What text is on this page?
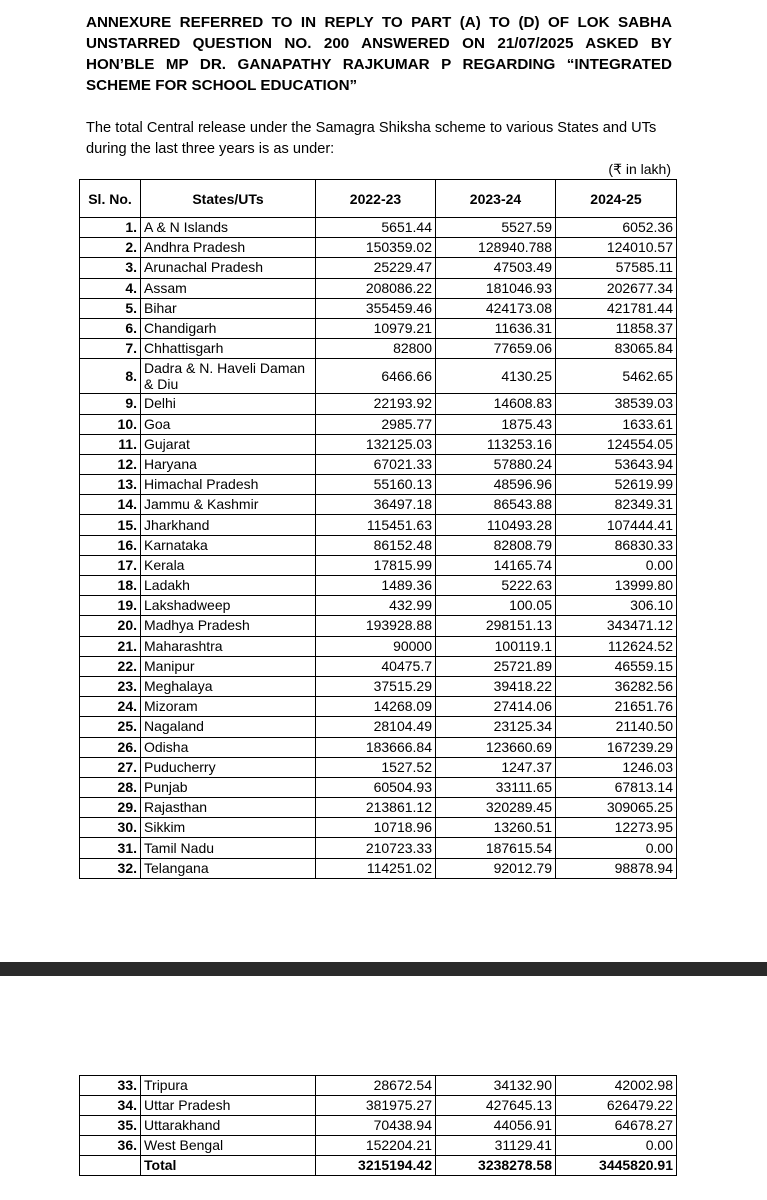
ANNEXURE REFERRED TO IN REPLY TO PART (A) TO (D) OF LOK SABHA UNSTARRED QUESTION NO. 200 ANSWERED ON 21/07/2025 ASKED BY HON’BLE MP DR. GANAPATHY RAJKUMAR P REGARDING “INTEGRATED SCHEME FOR SCHOOL EDUCATION”

The total Central release under the Samagra Shiksha scheme to various States and UTs during the last three years is as under:

(₹ in lakh)
Sl. No.	States/UTs	2022-23	2023-24	2024-25
1.	A & N Islands	5651.44	5527.59	6052.36
2.	Andhra Pradesh	150359.02	128940.788	124010.57
3.	Arunachal Pradesh	25229.47	47503.49	57585.11
4.	Assam	208086.22	181046.93	202677.34
5.	Bihar	355459.46	424173.08	421781.44
6.	Chandigarh	10979.21	11636.31	11858.37
7.	Chhattisgarh	82800	77659.06	83065.84
8.	Dadra & N. Haveli Daman & Diu	6466.66	4130.25	5462.65
9.	Delhi	22193.92	14608.83	38539.03
10.	Goa	2985.77	1875.43	1633.61
11.	Gujarat	132125.03	113253.16	124554.05
12.	Haryana	67021.33	57880.24	53643.94
13.	Himachal Pradesh	55160.13	48596.96	52619.99
14.	Jammu & Kashmir	36497.18	86543.88	82349.31
15.	Jharkhand	115451.63	110493.28	107444.41
16.	Karnataka	86152.48	82808.79	86830.33
17.	Kerala	17815.99	14165.74	0.00
18.	Ladakh	1489.36	5222.63	13999.80
19.	Lakshadweep	432.99	100.05	306.10
20.	Madhya Pradesh	193928.88	298151.13	343471.12
21.	Maharashtra	90000	100119.1	112624.52
22.	Manipur	40475.7	25721.89	46559.15
23.	Meghalaya	37515.29	39418.22	36282.56
24.	Mizoram	14268.09	27414.06	21651.76
25.	Nagaland	28104.49	23125.34	21140.50
26.	Odisha	183666.84	123660.69	167239.29
27.	Puducherry	1527.52	1247.37	1246.03
28.	Punjab	60504.93	33111.65	67813.14
29.	Rajasthan	213861.12	320289.45	309065.25
30.	Sikkim	10718.96	13260.51	12273.95
31.	Tamil Nadu	210723.33	187615.54	0.00
32.	Telangana	114251.02	92012.79	98878.94
33.	Tripura	28672.54	34132.90	42002.98
34.	Uttar Pradesh	381975.27	427645.13	626479.22
35.	Uttarakhand	70438.94	44056.91	64678.27
36.	West Bengal	152204.21	31129.41	0.00
	Total	3215194.42	3238278.58	3445820.91
